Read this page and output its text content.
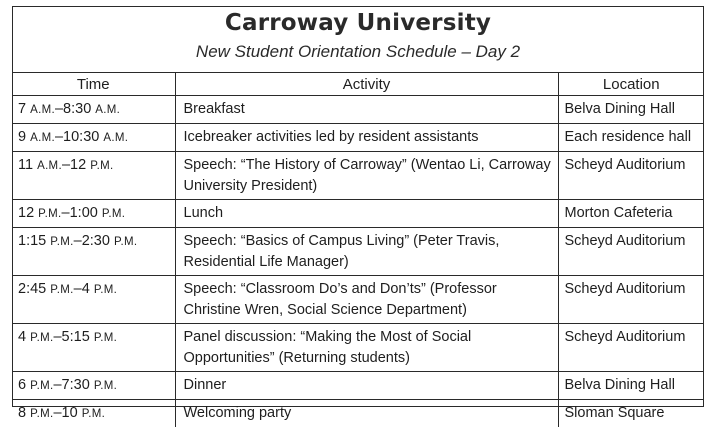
Carroway University
New Student Orientation Schedule – Day 2
Time	Activity	Location
7 A.M.–8:30 A.M.	Breakfast	Belva Dining Hall
9 A.M.–10:30 A.M.	Icebreaker activities led by resident assistants	Each residence hall
11 A.M.–12 P.M.	Speech: “The History of Carroway” (Wentao Li, Carroway University President)	Scheyd Auditorium
12 P.M.–1:00 P.M.	Lunch	Morton Cafeteria
1:15 P.M.–2:30 P.M.	Speech: “Basics of Campus Living” (Peter Travis, Residential Life Manager)	Scheyd Auditorium
2:45 P.M.–4 P.M.	Speech: “Classroom Do’s and Don’ts” (Professor Christine Wren, Social Science Department)	Scheyd Auditorium
4 P.M.–5:15 P.M.	Panel discussion: “Making the Most of Social Opportunities” (Returning students)	Scheyd Auditorium
6 P.M.–7:30 P.M.	Dinner	Belva Dining Hall
8 P.M.–10 P.M.	Welcoming party	Sloman Square
